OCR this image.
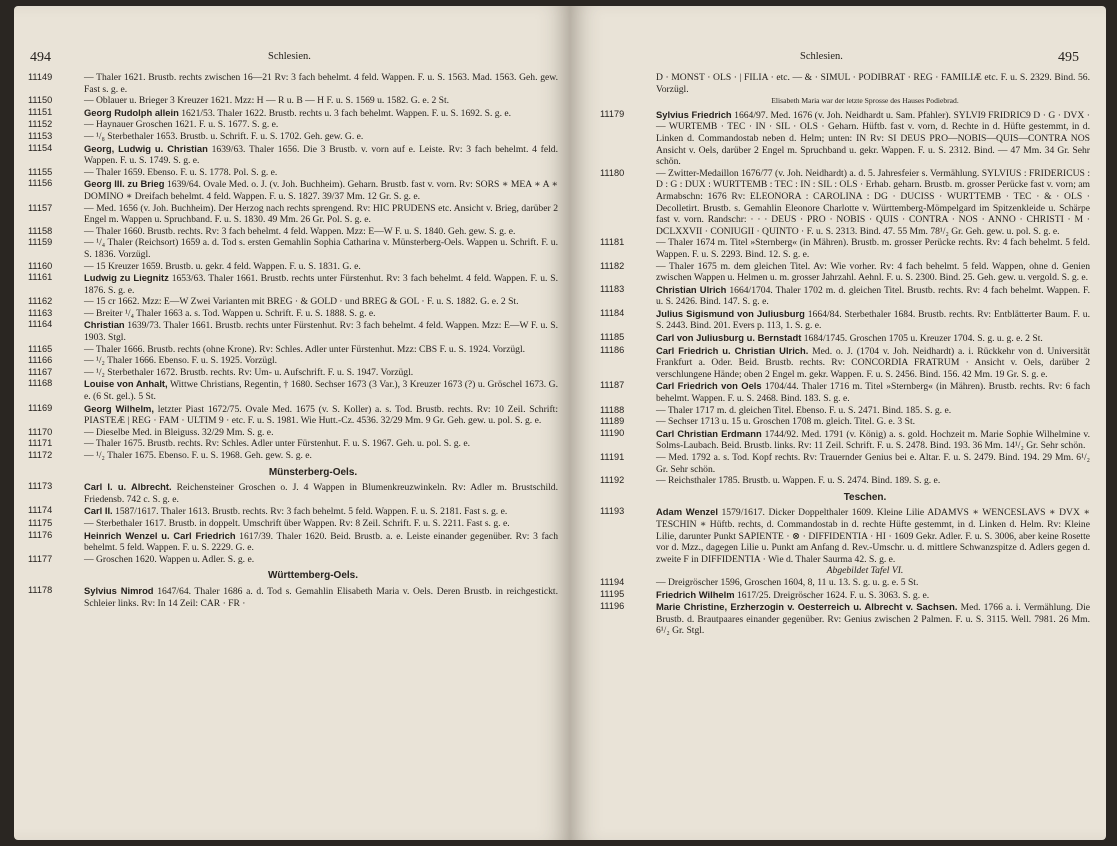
494	Schlesien.
11149	— Thaler 1621. Brustb. rechts zwischen 16—21 Rv: 3 fach behelmt. 4 feld. Wappen. F. u. S. 1563. Mad. 1563. Geh. gew. Fast s. g. e.
11150	— Oblauer u. Brieger 3 Kreuzer 1621. Mzz: H — R u. B — H F. u. S. 1569 u. 1582. G. e. 2 St.
11151	Georg Rudolph allein 1621/53. Thaler 1622. Brustb. rechts u. 3 fach behelmt. Wappen. F. u. S. 1692. S. g. e.
11152	— Haynauer Groschen 1621. F. u. S. 1677. S. g. e.
11153	— ¹/₈ Sterbethaler 1653. Brustb. u. Schrift. F. u. S. 1702. Geh. gew. G. e.
11154	Georg, Ludwig u. Christian 1639/63. Thaler 1656. Die 3 Brustb. v. vorn auf e. Leiste. Rv: 3 fach behelmt. 4 feld. Wappen. F. u. S. 1749. S. g. e.
11155	— Thaler 1659. Ebenso. F. u. S. 1778. Pol. S. g. e.
11156	Georg III. zu Brieg 1639/64. Ovale Med. o. J. (v. Joh. Buchheim). Geharn. Brustb. fast v. vorn. Rv: SORS ∗ MEA ∗ A ∗ DOMINO ∗ Dreifach behelmt. 4 feld. Wappen. F. u. S. 1827. 39/37 Mm. 12 Gr. S. g. e.
11157	— Med. 1656 (v. Joh. Buchheim). Der Herzog nach rechts sprengend. Rv: HIC PRUDENS etc. Ansicht v. Brieg, darüber 2 Engel m. Wappen u. Spruchband. F. u. S. 1830. 49 Mm. 26 Gr. Pol. S. g. e.
11158	— Thaler 1660. Brustb. rechts. Rv: 3 fach behelmt. 4 feld. Wappen. Mzz: E—W F. u. S. 1840. Geh. gew. S. g. e.
11159	— ¹/₄ Thaler (Reichsort) 1659 a. d. Tod s. ersten Gemahlin Sophia Catharina v. Münsterberg-Oels. Wappen u. Schrift. F. u. S. 1836. Vorzügl.
11160	— 15 Kreuzer 1659. Brustb. u. gekr. 4 feld. Wappen. F. u. S. 1831. G. e.
11161	Ludwig zu Liegnitz 1653/63. Thaler 1661. Brustb. rechts unter Fürstenhut. Rv: 3 fach behelmt. 4 feld. Wappen. F. u. S. 1876. S. g. e.
11162	— 15 cr 1662. Mzz: E—W Zwei Varianten mit BREG · & GOLD · und BREG & GOL · F. u. S. 1882. G. e. 2 St.
11163	— Breiter ¹/₄ Thaler 1663 a. s. Tod. Wappen u. Schrift. F. u. S. 1888. S. g. e.
11164	Christian 1639/73. Thaler 1661. Brustb. rechts unter Fürstenhut. Rv: 3 fach behelmt. 4 feld. Wappen. Mzz: E—W F. u. S. 1903. Stgl.
11165	— Thaler 1666. Brustb. rechts (ohne Krone). Rv: Schles. Adler unter Fürstenhut. Mzz: CBS F. u. S. 1924. Vorzügl.
11166	— ¹/₂ Thaler 1666. Ebenso. F. u. S. 1925. Vorzügl.
11167	— ¹/₂ Sterbethaler 1672. Brustb. rechts. Rv: Um- u. Aufschrift. F. u. S. 1947. Vorzügl.
11168	Louise von Anhalt, Wittwe Christians, Regentin, † 1680. Sechser 1673 (3 Var.), 3 Kreuzer 1673 (?) u. Gröschel 1673. G. e. (6 St. gel.). 5 St.
11169	Georg Wilhelm, letzter Piast 1672/75. Ovale Med. 1675 (v. S. Koller) a. s. Tod. Brustb. rechts. Rv: 10 Zeil. Schrift: PIASTEÆ | REG · FAM · ULTIM 9 · etc. F. u. S. 1981. Wie Hutt.-Cz. 4536. 32/29 Mm. 9 Gr. Geh. gew. u. pol. S. g. e.
11170	— Dieselbe Med. in Bleiguss. 32/29 Mm. S. g. e.
11171	— Thaler 1675. Brustb. rechts. Rv: Schles. Adler unter Fürstenhut. F. u. S. 1967. Geh. u. pol. S. g. e.
11172	— ¹/₂ Thaler 1675. Ebenso. F. u. S. 1968. Geh. gew. S. g. e.
Münsterberg-Oels.
11173	Carl I. u. Albrecht. Reichensteiner Groschen o. J. 4 Wappen in Blumenkreuzwinkeln. Rv: Adler m. Brustschild. Friedensb. 742 c. S. g. e.
11174	Carl II. 1587/1617. Thaler 1613. Brustb. rechts. Rv: 3 fach behelmt. 5 feld. Wappen. F. u. S. 2181. Fast s. g. e.
11175	— Sterbethaler 1617. Brustb. in doppelt. Umschrift über Wappen. Rv: 8 Zeil. Schrift. F. u. S. 2211. Fast s. g. e.
11176	Heinrich Wenzel u. Carl Friedrich 1617/39. Thaler 1620. Beid. Brustb. a. e. Leiste einander gegenüber. Rv: 3 fach behelmt. 5 feld. Wappen. F. u. S. 2229. G. e.
11177	— Groschen 1620. Wappen u. Adler. S. g. e.
Württemberg-Oels.
11178	Sylvius Nimrod 1647/64. Thaler 1686 a. d. Tod s. Gemahlin Elisabeth Maria v. Oels. Deren Brustb. in reichgestickt. Schleier links. Rv: In 14 Zeil: CAR · FR ·
Schlesien.	495
D · MONST · OLS · | FILIA · etc. — & · SIMUL · PODIBRAT · REG · FAMILIÆ etc. F. u. S. 2329. Bind. 56. Vorzügl.
Elisabeth Maria war der letzte Sprosse des Hauses Podiebrad.
11179	Sylvius Friedrich 1664/97. Med. 1676 (v. Joh. Neidhardt u. Sam. Pfahler). SYLVI9 FRIDRIC9 D · G · DVX · — WURTEMB · TEC · IN · SIL · OLS · Geharn. Hüftb. fast v. vorn, d. Rechte in d. Hüfte gestemmt, in d. Linken d. Commandostab neben d. Helm; unten: IN Rv: SI DEUS PRO—NOBIS—QUIS—CONTRA NOS Ansicht v. Oels, darüber 2 Engel m. Spruchband u. gekr. Wappen. F. u. S. 2312. Bind. — 47 Mm. 34 Gr. Sehr schön.
11180	— Zwitter-Medaillon 1676/77 (v. Joh. Neidhardt) a. d. 5. Jahresfeier s. Vermählung. SYLVIUS : FRIDERICUS : D : G : DUX : WURTTEMB : TEC : IN : SIL : OLS · Erhab. geharn. Brustb. m. grosser Perücke fast v. vorn; am Armabschn: 1676 Rv: ELEONORA : CAROLINA : DG · DUCISS · WURTTEMB · TEC · & · OLS · Decolletirt. Brustb. s. Gemahlin Eleonore Charlotte v. Württemberg-Mömpelgard im Spitzenkleide u. Schärpe fast v. vorn. Randschr: · · · DEUS · PRO · NOBIS · QUIS · CONTRA · NOS · ANNO · CHRISTI · M · DCLXXVII · CONIUGII · QUINTO · F. u. S. 2313. Bind. 47. 55 Mm. 78¹/₂ Gr. Geh. gew. u. pol. S. g. e.
11181	— Thaler 1674 m. Titel »Sternberg« (in Mähren). Brustb. m. grosser Perücke rechts. Rv: 4 fach behelmt. 5 feld. Wappen. F. u. S. 2293. Bind. 12. S. g. e.
11182	— Thaler 1675 m. dem gleichen Titel. Av: Wie vorher. Rv: 4 fach behelmt. 5 feld. Wappen, ohne d. Genien zwischen Wappen u. Helmen u. m. grosser Jahrzahl. Aehnl. F. u. S. 2300. Bind. 25. Geh. gew. u. vergold. S. g. e.
11183	Christian Ulrich 1664/1704. Thaler 1702 m. d. gleichen Titel. Brustb. rechts. Rv: 4 fach behelmt. Wappen. F. u. S. 2426. Bind. 147. S. g. e.
11184	Julius Sigismund von Juliusburg 1664/84. Sterbethaler 1684. Brustb. rechts. Rv: Entblätterter Baum. F. u. S. 2443. Bind. 201. Evers p. 113, 1. S. g. e.
11185	Carl von Juliusburg u. Bernstadt 1684/1745. Groschen 1705 u. Kreuzer 1704. S. g. u. g. e. 2 St.
11186	Carl Friedrich u. Christian Ulrich. Med. o. J. (1704 v. Joh. Neidhardt) a. i. Rückkehr von d. Universität Frankfurt a. Oder. Beid. Brustb. rechts. Rv: CONCORDIA FRATRUM · Ansicht v. Oels, darüber 2 verschlungene Hände; oben 2 Engel m. gekr. Wappen. F. u. S. 2456. Bind. 156. 42 Mm. 19 Gr. S. g. e.
11187	Carl Friedrich von Oels 1704/44. Thaler 1716 m. Titel »Sternberg« (in Mähren). Brustb. rechts. Rv: 6 fach behelmt. Wappen. F. u. S. 2468. Bind. 183. S. g. e.
11188	— Thaler 1717 m. d. gleichen Titel. Ebenso. F. u. S. 2471. Bind. 185. S. g. e.
11189	— Sechser 1713 u. 15 u. Groschen 1708 m. gleich. Titel. G. e. 3 St.
11190	Carl Christian Erdmann 1744/92. Med. 1791 (v. König) a. s. gold. Hochzeit m. Marie Sophie Wilhelmine v. Solms-Laubach. Beid. Brustb. links. Rv: 11 Zeil. Schrift. F. u. S. 2478. Bind. 193. 36 Mm. 14¹/₂ Gr. Sehr schön.
11191	— Med. 1792 a. s. Tod. Kopf rechts. Rv: Trauernder Genius bei e. Altar. F. u. S. 2479. Bind. 194. 29 Mm. 6¹/₂ Gr. Sehr schön.
11192	— Reichsthaler 1785. Brustb. u. Wappen. F. u. S. 2474. Bind. 189. S. g. e.
Teschen.
11193	Adam Wenzel 1579/1617. Dicker Doppelthaler 1609. Kleine Lilie ADAMVS ∗ WENCESLAVS ∗ DVX ∗ TESCHIN ∗ Hüftb. rechts, d. Commandostab in d. rechte Hüfte gestemmt, in d. Linken d. Helm. Rv: Kleine Lilie, darunter Punkt SAPIENTE · ⊗ · DIFFIDENTIA · HI · 1609 Gekr. Adler. F. u. S. 3006, aber keine Rosette vor d. Mzz., dagegen Lilie u. Punkt am Anfang d. Rev.-Umschr. u. d. mittlere Schwanzspitze d. Adlers gegen d. zweite F in DIFFIDENTIA · Wie d. Thaler Saurma 42. S. g. e.
Abgebildet Tafel VI.
11194	— Dreigröscher 1596, Groschen 1604, 8, 11 u. 13. S. g. u. g. e. 5 St.
11195	Friedrich Wilhelm 1617/25. Dreigröscher 1624. F. u. S. 3063. S. g. e.
11196	Marie Christine, Erzherzogin v. Oesterreich u. Albrecht v. Sachsen. Med. 1766 a. i. Vermählung. Die Brustb. d. Brautpaares einander gegenüber. Rv: Genius zwischen 2 Palmen. F. u. S. 3115. Well. 7981. 26 Mm. 6¹/₂ Gr. Stgl.
